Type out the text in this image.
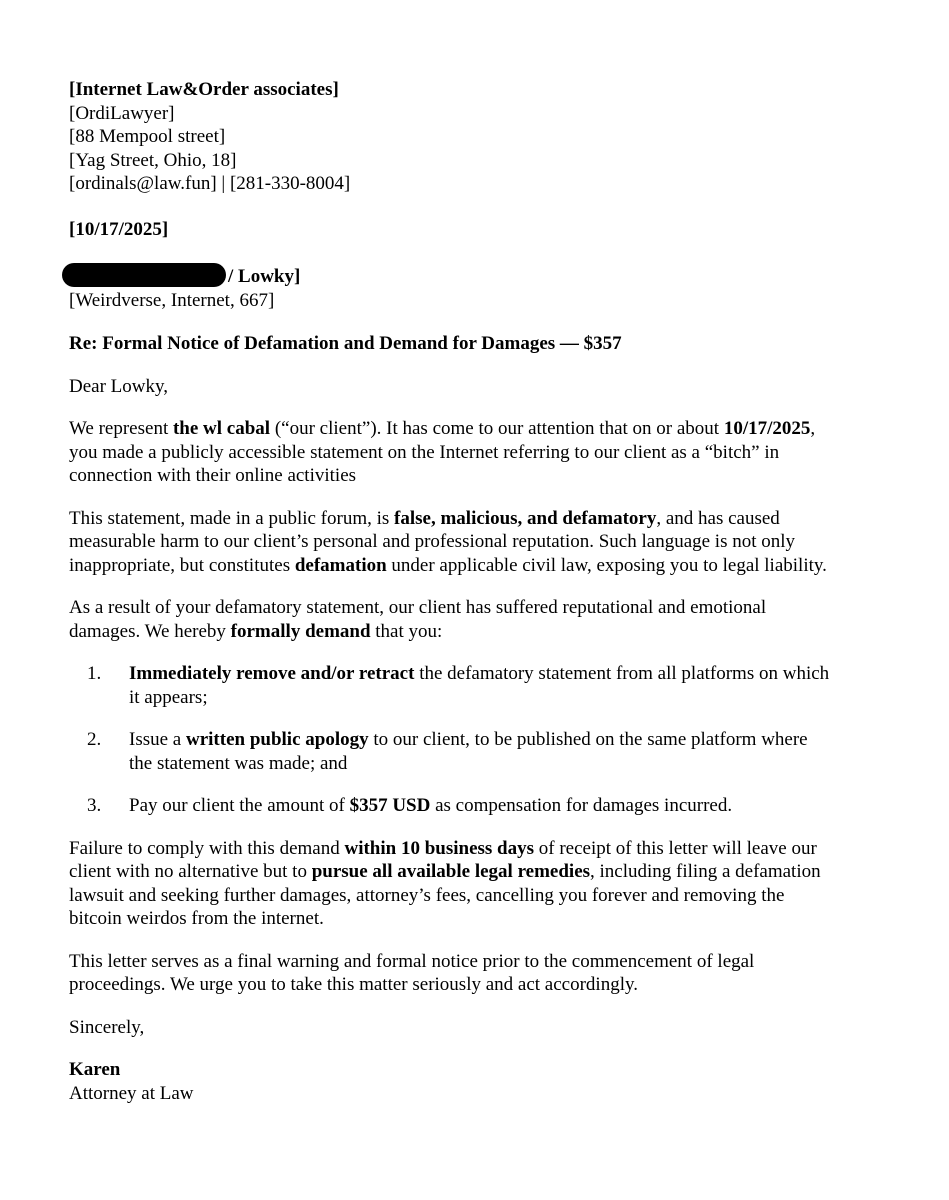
[Internet Law&Order associates]
[OrdiLawyer]
[88 Mempool street]
[Yag Street, Ohio, 18]
[ordinals@law.fun] | [281-330-8004]
[10/17/2025]
/ Lowky]
[Weirdverse, Internet, 667]

Re: Formal Notice of Defamation and Demand for Damages — $357

Dear Lowky,

We represent the wl cabal (“our client”). It has come to our attention that on or about 10/17/2025,
you made a publicly accessible statement on the Internet referring to our client as a “bitch” in
connection with their online activities

This statement, made in a public forum, is false, malicious, and defamatory, and has caused
measurable harm to our client’s personal and professional reputation. Such language is not only
inappropriate, but constitutes defamation under applicable civil law, exposing you to legal liability.

As a result of your defamatory statement, our client has suffered reputational and emotional
damages. We hereby formally demand that you:

1. Immediately remove and/or retract the defamatory statement from all platforms on which
it appears;
2. Issue a written public apology to our client, to be published on the same platform where
the statement was made; and
3. Pay our client the amount of $357 USD as compensation for damages incurred.

Failure to comply with this demand within 10 business days of receipt of this letter will leave our
client with no alternative but to pursue all available legal remedies, including filing a defamation
lawsuit and seeking further damages, attorney’s fees, cancelling you forever and removing the
bitcoin weirdos from the internet.

This letter serves as a final warning and formal notice prior to the commencement of legal
proceedings. We urge you to take this matter seriously and act accordingly.

Sincerely,

Karen
Attorney at Law
